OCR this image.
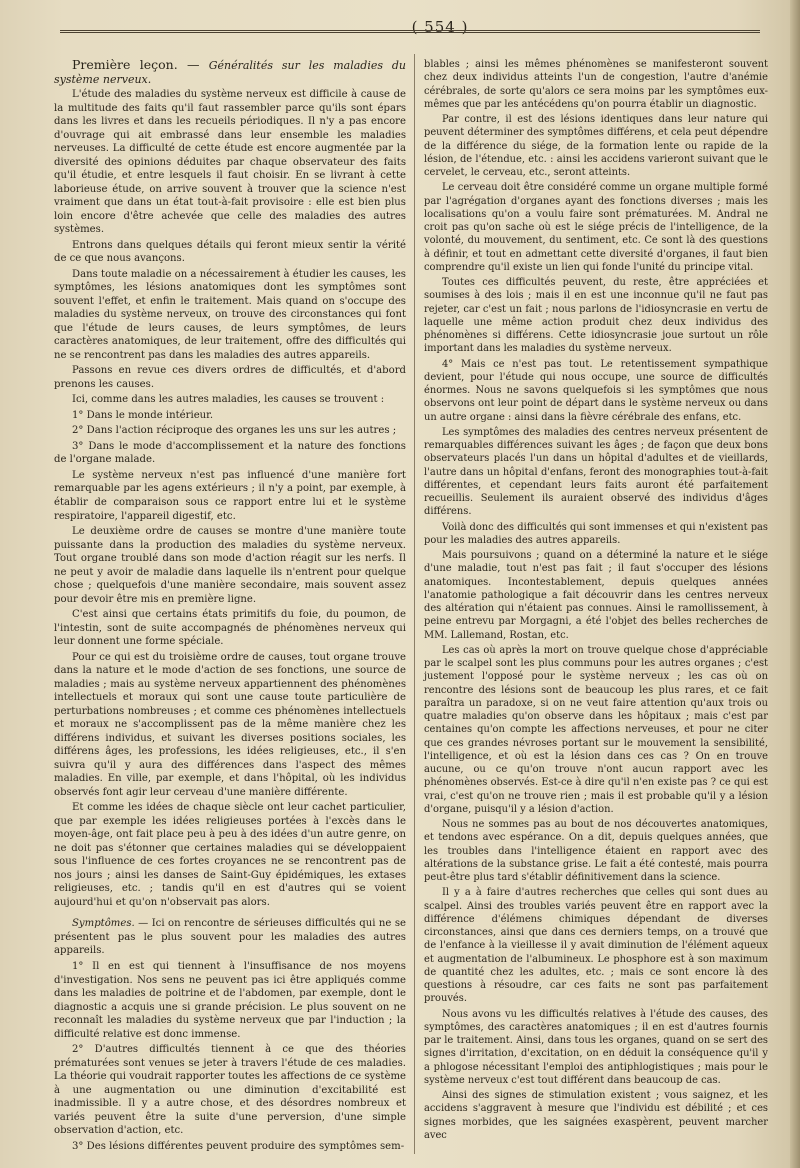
( 554 )

Première leçon. — Généralités sur les maladies du système nerveux.

L'étude des maladies du système nerveux est difficile à cause de la multitude des faits qu'il faut rassembler parce qu'ils sont épars dans les livres et dans les recueils périodiques. Il n'y a pas encore d'ouvrage qui ait embrassé dans leur ensemble les maladies nerveuses. La difficulté de cette étude est encore augmentée par la diversité des opinions déduites par chaque observateur des faits qu'il étudie, et entre lesquels il faut choisir. En se livrant à cette laborieuse étude, on arrive souvent à trouver que la science n'est vraiment que dans un état tout-à-fait provisoire : elle est bien plus loin encore d'être achevée que celle des maladies des autres systèmes.

Entrons dans quelques détails qui feront mieux sentir la vérité de ce que nous avançons.

Dans toute maladie on a nécessairement à étudier les causes, les symptômes, les lésions anatomiques dont les symptômes sont souvent l'effet, et enfin le traitement. Mais quand on s'occupe des maladies du système nerveux, on trouve des circonstances qui font que l'étude de leurs causes, de leurs symptômes, de leurs caractères anatomiques, de leur traitement, offre des difficultés qui ne se rencontrent pas dans les maladies des autres appareils.

Passons en revue ces divers ordres de difficultés, et d'abord prenons les causes.

Ici, comme dans les autres maladies, les causes se trouvent :

1° Dans le monde intérieur.

2° Dans l'action réciproque des organes les uns sur les autres ;

3° Dans le mode d'accomplissement et la nature des fonctions de l'organe malade.

Le système nerveux n'est pas influencé d'une manière fort remarquable par les agens extérieurs ; il n'y a point, par exemple, à établir de comparaison sous ce rapport entre lui et le système respiratoire, l'appareil digestif, etc.

Le deuxième ordre de causes se montre d'une manière toute puissante dans la production des maladies du système nerveux. Tout organe troublé dans son mode d'action réagit sur les nerfs. Il ne peut y avoir de maladie dans laquelle ils n'entrent pour quelque chose ; quelquefois d'une manière secondaire, mais souvent assez pour devoir être mis en première ligne.

C'est ainsi que certains états primitifs du foie, du poumon, de l'intestin, sont de suite accompagnés de phénomènes nerveux qui leur donnent une forme spéciale.

Pour ce qui est du troisième ordre de causes, tout organe trouve dans la nature et le mode d'action de ses fonctions, une source de maladies ; mais au système nerveux appartiennent des phénomènes intellectuels et moraux qui sont une cause toute particulière de perturbations nombreuses ; et comme ces phénomènes intellectuels et moraux ne s'accomplissent pas de la même manière chez les différens individus, et suivant les diverses positions sociales, les différens âges, les professions, les idées religieuses, etc., il s'en suivra qu'il y aura des différences dans l'aspect des mêmes maladies. En ville, par exemple, et dans l'hôpital, où les individus observés font agir leur cerveau d'une manière différente.

Et comme les idées de chaque siècle ont leur cachet particulier, que par exemple les idées religieuses portées à l'excès dans le moyen-âge, ont fait place peu à peu à des idées d'un autre genre, on ne doit pas s'étonner que certaines maladies qui se développaient sous l'influence de ces fortes croyances ne se rencontrent pas de nos jours ; ainsi les danses de Saint-Guy épidémiques, les extases religieuses, etc. ; tandis qu'il en est d'autres qui se voient aujourd'hui et qu'on n'observait pas alors.

Symptômes. — Ici on rencontre de sérieuses difficultés qui ne se présentent pas le plus souvent pour les maladies des autres appareils.

1° Il en est qui tiennent à l'insuffisance de nos moyens d'investigation. Nos sens ne peuvent pas ici être appliqués comme dans les maladies de poitrine et de l'abdomen, par exemple, dont le diagnostic a acquis une si grande précision. Le plus souvent on ne reconnaît les maladies du système nerveux que par l'induction ; la difficulté relative est donc immense.

2° D'autres difficultés tiennent à ce que des théories prématurées sont venues se jeter à travers l'étude de ces maladies. La théorie qui voudrait rapporter toutes les affections de ce système à une augmentation ou une diminution d'excitabilité est inadmissible. Il y a autre chose, et des désordres nombreux et variés peuvent être la suite d'une perversion, d'une simple observation d'action, etc.

3° Des lésions différentes peuvent produire des symptômes sem-

blables ; ainsi les mêmes phénomènes se manifesteront souvent chez deux individus atteints l'un de congestion, l'autre d'anémie cérébrales, de sorte qu'alors ce sera moins par les symptômes eux-mêmes que par les antécédens qu'on pourra établir un diagnostic.

Par contre, il est des lésions identiques dans leur nature qui peuvent déterminer des symptômes différens, et cela peut dépendre de la différence du siége, de la formation lente ou rapide de la lésion, de l'étendue, etc. : ainsi les accidens varieront suivant que le cervelet, le cerveau, etc., seront atteints.

Le cerveau doit être considéré comme un organe multiple formé par l'agrégation d'organes ayant des fonctions diverses ; mais les localisations qu'on a voulu faire sont prématurées. M. Andral ne croit pas qu'on sache où est le siége précis de l'intelligence, de la volonté, du mouvement, du sentiment, etc. Ce sont là des questions à définir, et tout en admettant cette diversité d'organes, il faut bien comprendre qu'il existe un lien qui fonde l'unité du principe vital.

Toutes ces difficultés peuvent, du reste, être appréciées et soumises à des lois ; mais il en est une inconnue qu'il ne faut pas rejeter, car c'est un fait ; nous parlons de l'idiosyncrasie en vertu de laquelle une même action produit chez deux individus des phénomènes si différens. Cette idiosyncrasie joue surtout un rôle important dans les maladies du système nerveux.

4° Mais ce n'est pas tout. Le retentissement sympathique devient, pour l'étude qui nous occupe, une source de difficultés énormes. Nous ne savons quelquefois si les symptômes que nous observons ont leur point de départ dans le système nerveux ou dans un autre organe : ainsi dans la fièvre cérébrale des enfans, etc.

Les symptômes des maladies des centres nerveux présentent de remarquables différences suivant les âges ; de façon que deux bons observateurs placés l'un dans un hôpital d'adultes et de vieillards, l'autre dans un hôpital d'enfans, feront des monographies tout-à-fait différentes, et cependant leurs faits auront été parfaitement recueillis. Seulement ils auraient observé des individus d'âges différens.

Voilà donc des difficultés qui sont immenses et qui n'existent pas pour les maladies des autres appareils.

Mais poursuivons ; quand on a déterminé la nature et le siége d'une maladie, tout n'est pas fait ; il faut s'occuper des lésions anatomiques. Incontestablement, depuis quelques années l'anatomie pathologique a fait découvrir dans les centres nerveux des altération qui n'étaient pas connues. Ainsi le ramollissement, à peine entrevu par Morgagni, a été l'objet des belles recherches de MM. Lallemand, Rostan, etc.

Les cas où après la mort on trouve quelque chose d'appréciable par le scalpel sont les plus communs pour les autres organes ; c'est justement l'opposé pour le système nerveux ; les cas où on rencontre des lésions sont de beaucoup les plus rares, et ce fait paraîtra un paradoxe, si on ne veut faire attention qu'aux trois ou quatre maladies qu'on observe dans les hôpitaux ; mais c'est par centaines qu'on compte les affections nerveuses, et pour ne citer que ces grandes névroses portant sur le mouvement la sensibilité, l'intelligence, et où est la lésion dans ces cas ? On en trouve aucune, ou ce qu'on trouve n'ont aucun rapport avec les phénomènes observés. Est-ce à dire qu'il n'en existe pas ? ce qui est vrai, c'est qu'on ne trouve rien ; mais il est probable qu'il y a lésion d'organe, puisqu'il y a lésion d'action.

Nous ne sommes pas au bout de nos découvertes anatomiques, et tendons avec espérance. On a dit, depuis quelques années, que les troubles dans l'intelligence étaient en rapport avec des altérations de la substance grise. Le fait a été contesté, mais pourra peut-être plus tard s'établir définitivement dans la science.

Il y a à faire d'autres recherches que celles qui sont dues au scalpel. Ainsi des troubles variés peuvent être en rapport avec la différence d'élémens chimiques dépendant de diverses circonstances, ainsi que dans ces derniers temps, on a trouvé que de l'enfance à la vieillesse il y avait diminution de l'élément aqueux et augmentation de l'albumineux. Le phosphore est à son maximum de quantité chez les adultes, etc. ; mais ce sont encore là des questions à résoudre, car ces faits ne sont pas parfaitement prouvés.

Nous avons vu les difficultés relatives à l'étude des causes, des symptômes, des caractères anatomiques ; il en est d'autres fournis par le traitement. Ainsi, dans tous les organes, quand on se sert des signes d'irritation, d'excitation, on en déduit la conséquence qu'il y a phlogose nécessitant l'emploi des antiphlogistiques ; mais pour le système nerveux c'est tout différent dans beaucoup de cas.

Ainsi des signes de stimulation existent ; vous saignez, et les accidens s'aggravent à mesure que l'individu est débilité ; et ces signes morbides, que les saignées exaspèrent, peuvent marcher avec
